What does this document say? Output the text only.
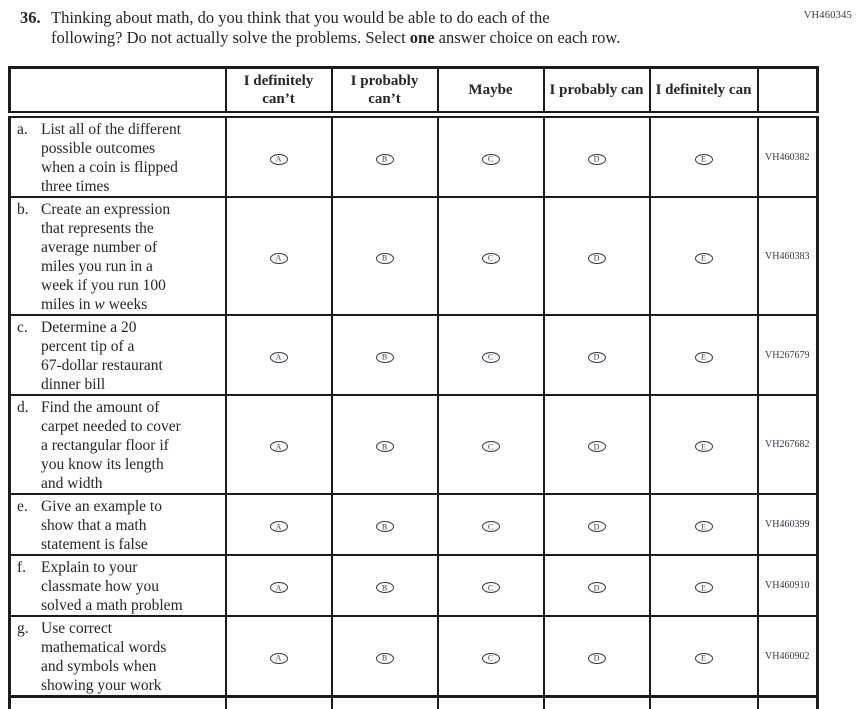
VH460345
36. Thinking about math, do you think that you would be able to do each of the
following? Do not actually solve the problems. Select one answer choice on each row.
	I definitely can’t	I probably can’t	Maybe	I probably can	I definitely can	

a. List all of the different
possible outcomes
when a coin is flipped
three times	A	B	C	D	E	VH460382

b. Create an expression
that represents the
average number of
miles you run in a
week if you run 100
miles in w weeks

A	B	C	D	E	VH460383

c. Determine a 20
percent tip of a
67-dollar restaurant
dinner bill	A	B	C	D	E	VH267679

d. Find the amount of
carpet needed to cover
a rectangular floor if
you know its length
and width

A	B	C	D	E	VH267682

e. Give an example to
show that a math
statement is false	A	B	C	D	E	VH460399

f. Explain to your
classmate how you
solved a math problem	A	B	C	D	E	VH460910

g. Use correct
mathematical words
and symbols when
showing your work	A	B	C	D	E	VH460902
